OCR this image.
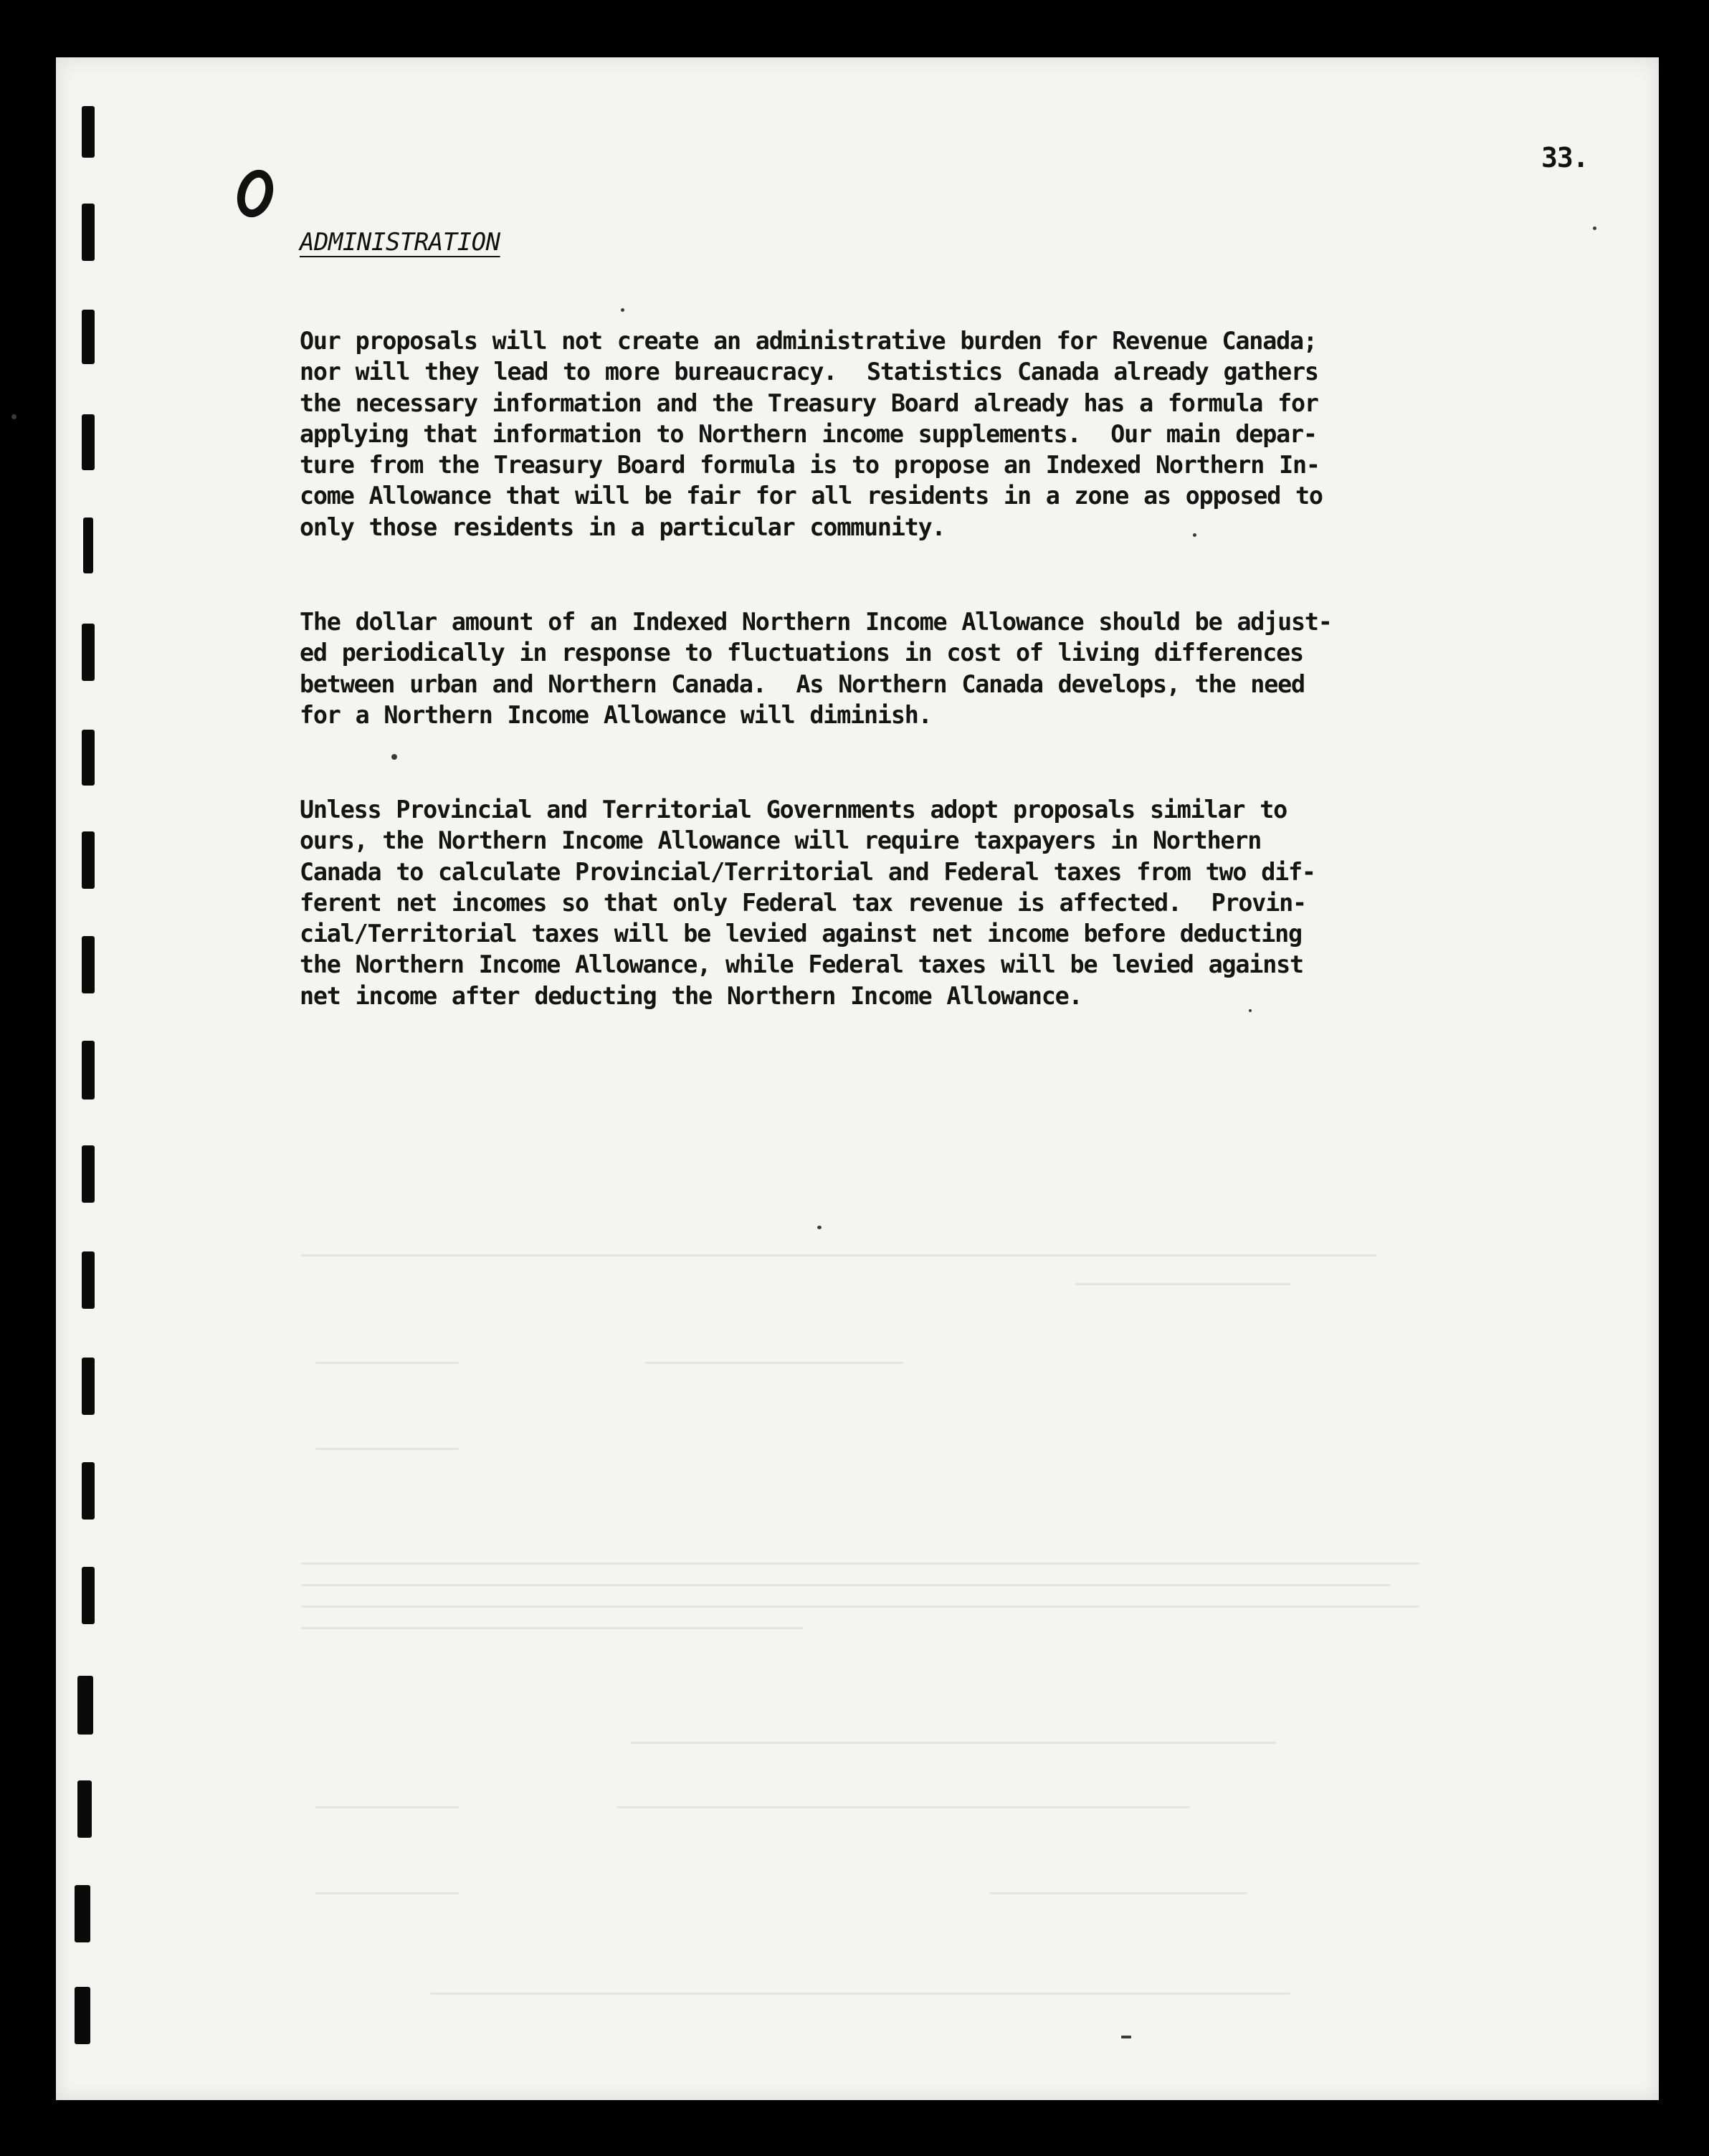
33.
ADMINISTRATION
Our proposals will not create an administrative burden for Revenue Canada;
nor will they lead to more bureaucracy.  Statistics Canada already gathers
the necessary information and the Treasury Board already has a formula for
applying that information to Northern income supplements.  Our main depar-
ture from the Treasury Board formula is to propose an Indexed Northern In-
come Allowance that will be fair for all residents in a zone as opposed to
only those residents in a particular community.
The dollar amount of an Indexed Northern Income Allowance should be adjust-
ed periodically in response to fluctuations in cost of living differences
between urban and Northern Canada.  As Northern Canada develops, the need
for a Northern Income Allowance will diminish.
Unless Provincial and Territorial Governments adopt proposals similar to
ours, the Northern Income Allowance will require taxpayers in Northern
Canada to calculate Provincial/Territorial and Federal taxes from two dif-
ferent net incomes so that only Federal tax revenue is affected.  Provin-
cial/Territorial taxes will be levied against net income before deducting
the Northern Income Allowance, while Federal taxes will be levied against
net income after deducting the Northern Income Allowance.
